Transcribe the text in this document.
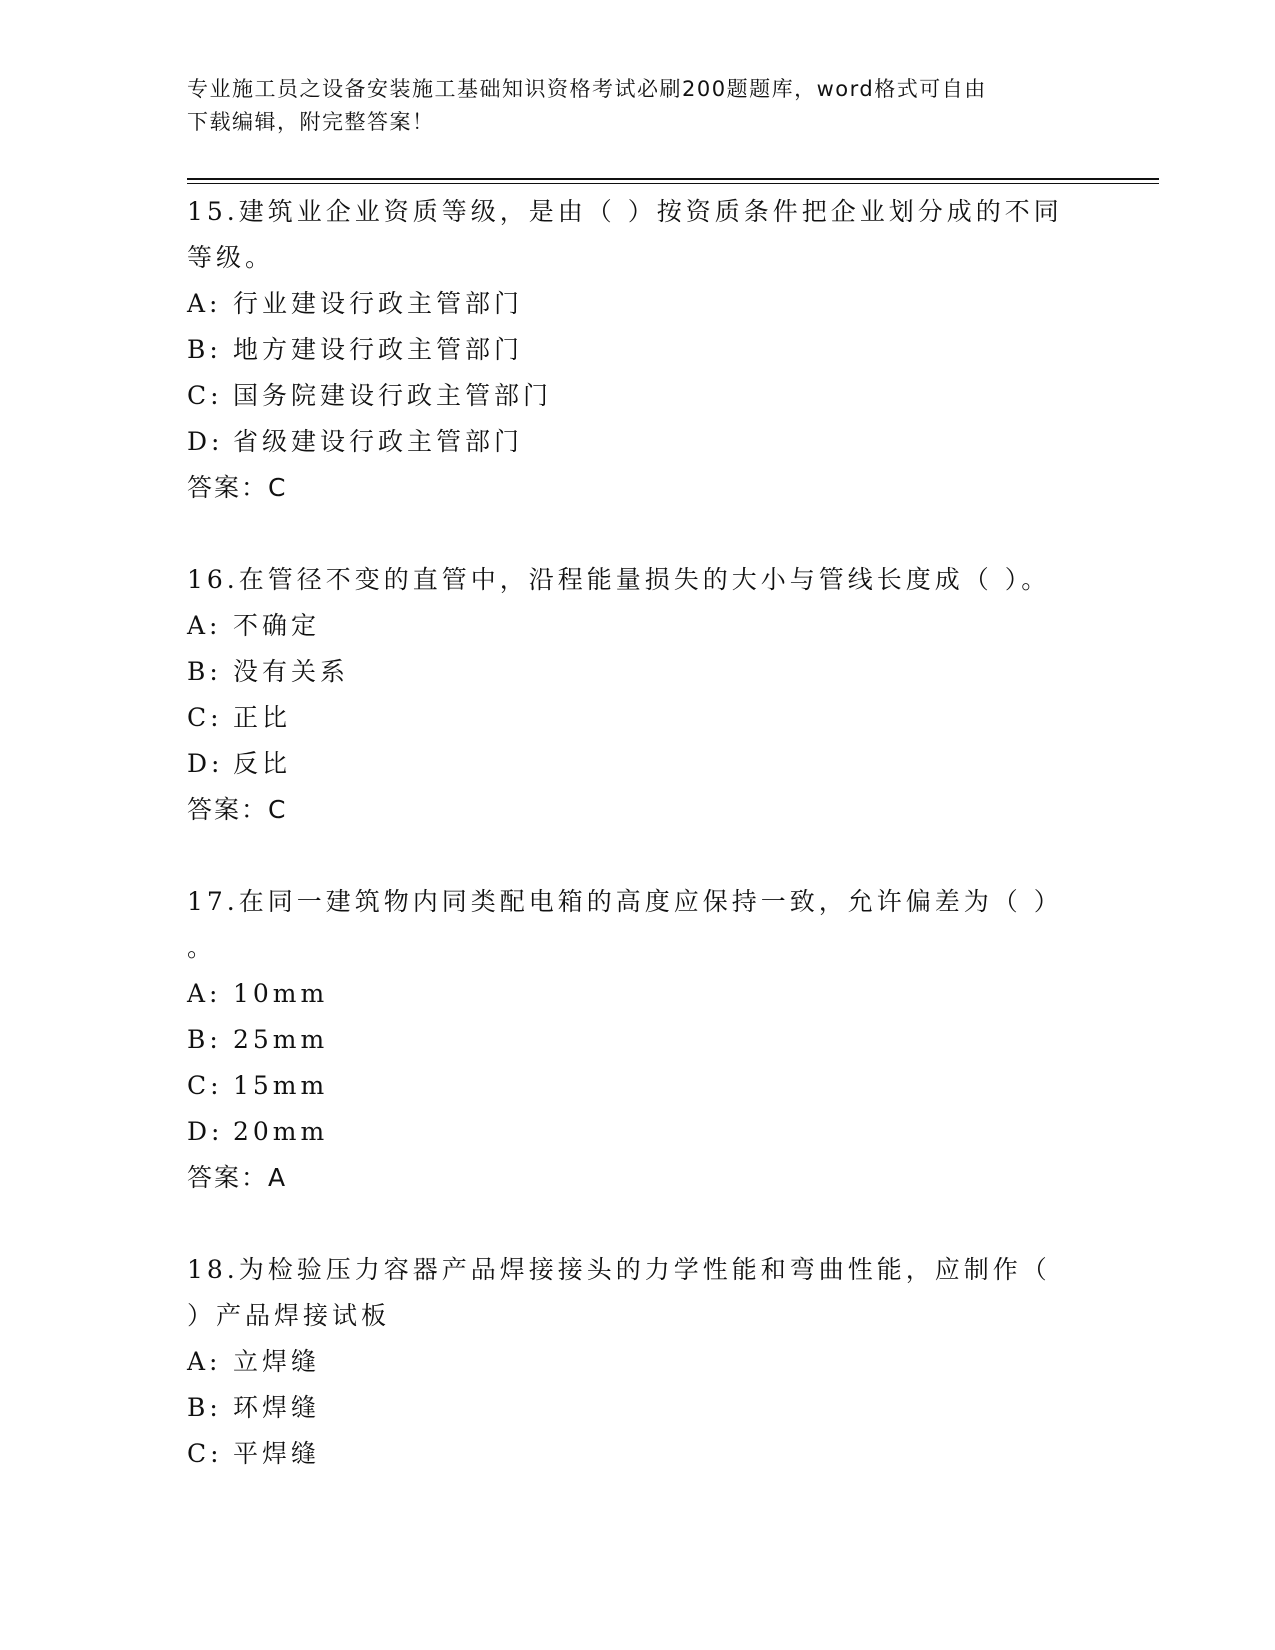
专业施工员之设备安装施工基础知识资格考试必刷200题题库，word格式可自由
下载编辑，附完整答案！
15.建筑业企业资质等级，是由（ ）按资质条件把企业划分成的不同
等级。
A: 行业建设行政主管部门
B: 地方建设行政主管部门
C: 国务院建设行政主管部门
D: 省级建设行政主管部门
答案：C
16.在管径不变的直管中，沿程能量损失的大小与管线长度成（ ）。
A: 不确定
B: 没有关系
C: 正比
D: 反比
答案：C
17.在同一建筑物内同类配电箱的高度应保持一致，允许偏差为（ ）
。
A: 10mm
B: 25mm
C: 15mm
D: 20mm
答案：A
18.为检验压力容器产品焊接接头的力学性能和弯曲性能，应制作（
）产品焊接试板
A: 立焊缝
B: 环焊缝
C: 平焊缝
